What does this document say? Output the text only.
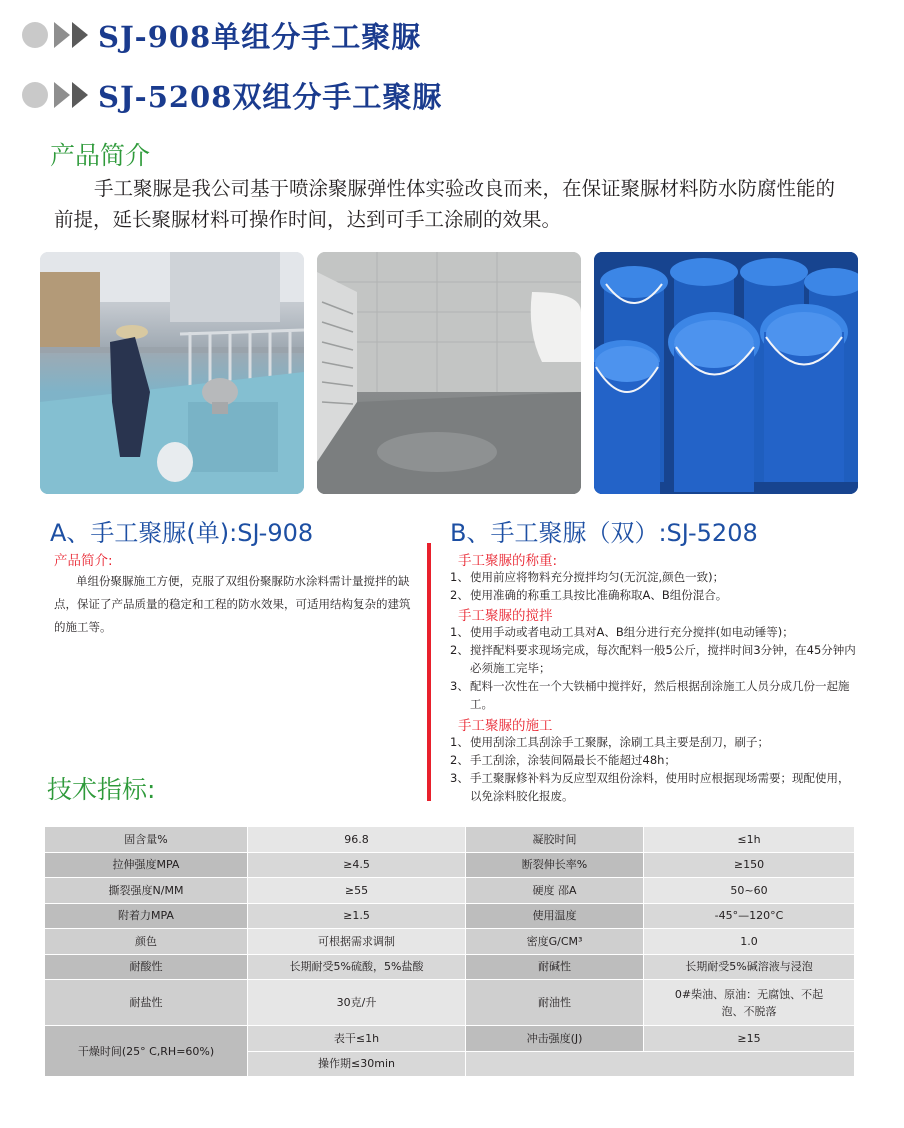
SJ-908单组分手工聚脲
SJ-5208双组分手工聚脲
产品简介

手工聚脲是我公司基于喷涂聚脲弹性体实验改良而来，在保证聚脲材料防水防腐性能的前提，延长聚脲材料可操作时间，达到可手工涂刷的效果。

A、手工聚脲(单):SJ-908
产品简介:

单组份聚脲施工方便，克服了双组份聚脲防水涂料需计量搅拌的缺点，保证了产品质量的稳定和工程的防水效果，可适用结构复杂的建筑的施工等。

B、手工聚脲（双）:SJ-5208
手工聚脲的称重:
1、 使用前应将物料充分搅拌均匀(无沉淀,颜色一致)；
2、 使用准确的称重工具按比准确称取A、B组份混合。
手工聚脲的搅拌
1、 使用手动或者电动工具对A、B组分进行充分搅拌(如电动锤等)；
2、 搅拌配料要求现场完成，每次配料一般5公斤，搅拌时间3分钟，在45分钟内必须施工完毕；
3、 配料一次性在一个大铁桶中搅拌好，然后根据刮涂施工人员分成几份一起施工。
手工聚脲的施工
1、 使用刮涂工具刮涂手工聚脲，涂刷工具主要是刮刀，刷子；
2、 手工刮涂，涂装间隔最长不能超过48h；
3、 手工聚脲修补料为反应型双组份涂料，使用时应根据现场需要；现配使用，以免涂料胶化报废。
技术指标:
固含量%	96.8	凝胶时间	≤1h
拉伸强度MPA	≥4.5	断裂伸长率%	≥150
撕裂强度N/MM	≥55	硬度 邵A	50~60
附着力MPA	≥1.5	使用温度	-45°—120°C
颜色	可根据需求调制	密度G/CM³	1.0
耐酸性	长期耐受5%硫酸，5%盐酸	耐碱性	长期耐受5%碱溶液与浸泡
耐盐性	30克/升	耐油性	0#柴油、原油：无腐蚀、不起泡、不脱落
干燥时间(25° C,RH=60%)	表干≤1h	冲击强度(J)	≥15
	操作期≤30min		
